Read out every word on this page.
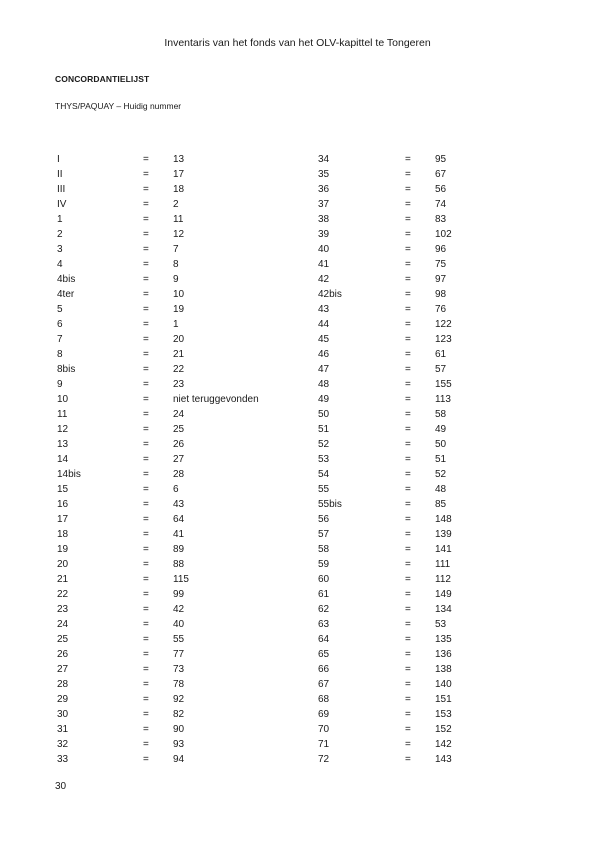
Inventaris van het fonds van het OLV-kapittel te Tongeren
CONCORDANTIELIJST
THYS/PAQUAY – Huidig nummer
I	= 13
II	= 17
III	= 18
IV	= 2
1	= 11
2	= 12
3	= 7
4	= 8
4bis	= 9
4ter	= 10
5	= 19
6	= 1
7	= 20
8	= 21
8bis	= 22
9	= 23
10	= niet teruggevonden
11	= 24
12	= 25
13	= 26
14	= 27
14bis	= 28
15	= 6
16	= 43
17	= 64
18	= 41
19	= 89
20	= 88
21	= 115
22	= 99
23	= 42
24	= 40
25	= 55
26	= 77
27	= 73
28	= 78
29	= 92
30	= 82
31	= 90
32	= 93
33	= 94
34	= 95
35	= 67
36	= 56
37	= 74
38	= 83
39	= 102
40	= 96
41	= 75
42	= 97
42bis	= 98
43	= 76
44	= 122
45	= 123
46	= 61
47	= 57
48	= 155
49	= 113
50	= 58
51	= 49
52	= 50
53	= 51
54	= 52
55	= 48
55bis	= 85
56	= 148
57	= 139
58	= 141
59	= 111
60	= 112
61	= 149
62	= 134
63	= 53
64	= 135
65	= 136
66	= 138
67	= 140
68	= 151
69	= 153
70	= 152
71	= 142
72	= 143
30
